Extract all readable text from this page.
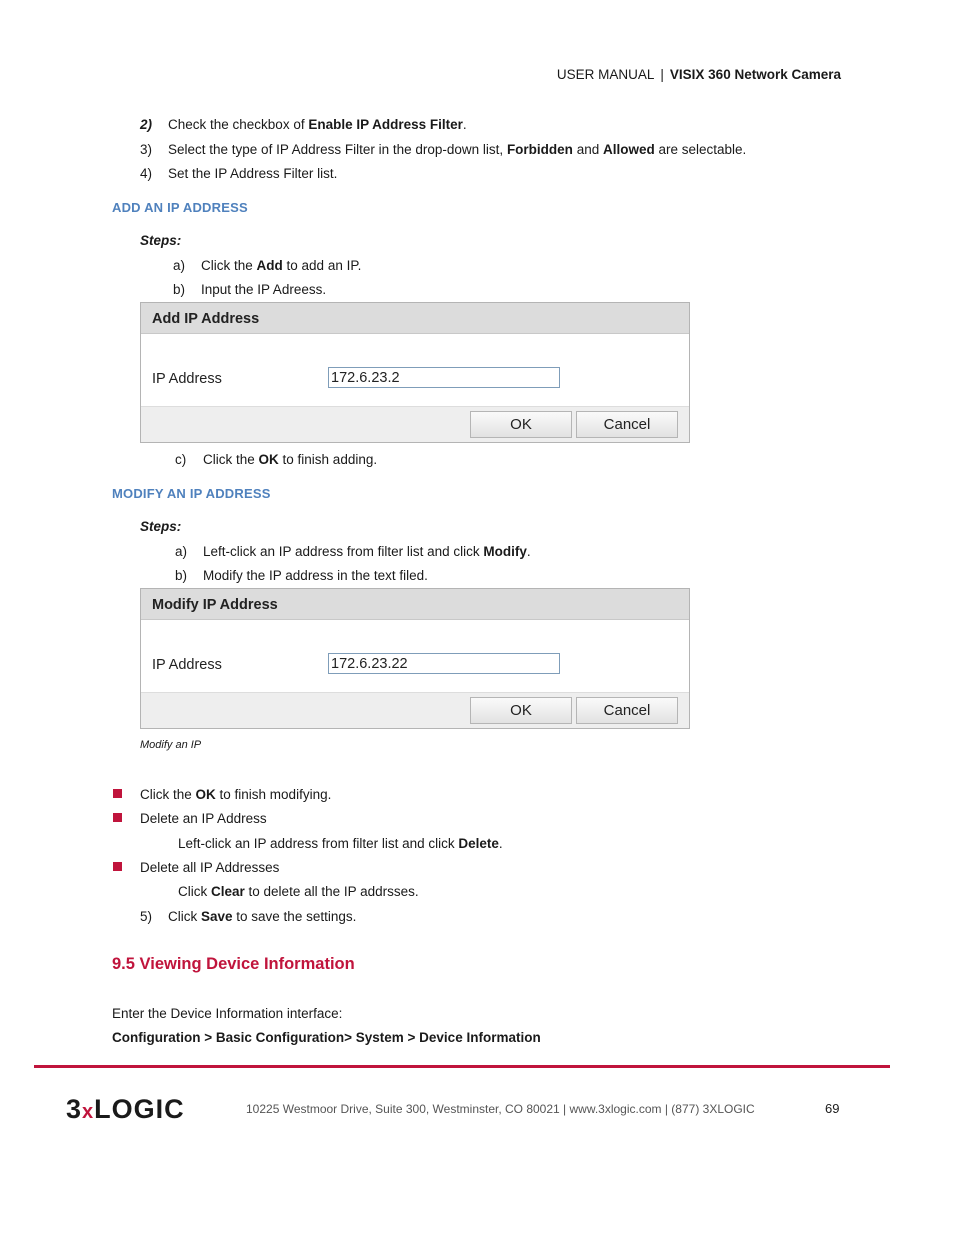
USER MANUAL | VISIX 360 Network Camera
2) Check the checkbox of Enable IP Address Filter.
3) Select the type of IP Address Filter in the drop-down list, Forbidden and Allowed are selectable.
4) Set the IP Address Filter list.
ADD AN IP ADDRESS
Steps:
a) Click the Add to add an IP.
b) Input the IP Adreess.
Add IP Address
IP Address
172.6.23.2
OK	Cancel
c) Click the OK to finish adding.
MODIFY AN IP ADDRESS
Steps:
a) Left-click an IP address from filter list and click Modify.
b) Modify the IP address in the text filed.
Modify IP Address
IP Address
172.6.23.22
OK	Cancel
Modify an IP
Click the OK to finish modifying.
Delete an IP Address
Left-click an IP address from filter list and click Delete.
Delete all IP Addresses
Click Clear to delete all the IP addrsses.
5) Click Save to save the settings.
9.5 Viewing Device Information
Enter the Device Information interface:
Configuration > Basic Configuration> System > Device Information
3xLOGIC	10225 Westmoor Drive, Suite 300, Westminster, CO 80021 | www.3xlogic.com | (877) 3XLOGIC	69
